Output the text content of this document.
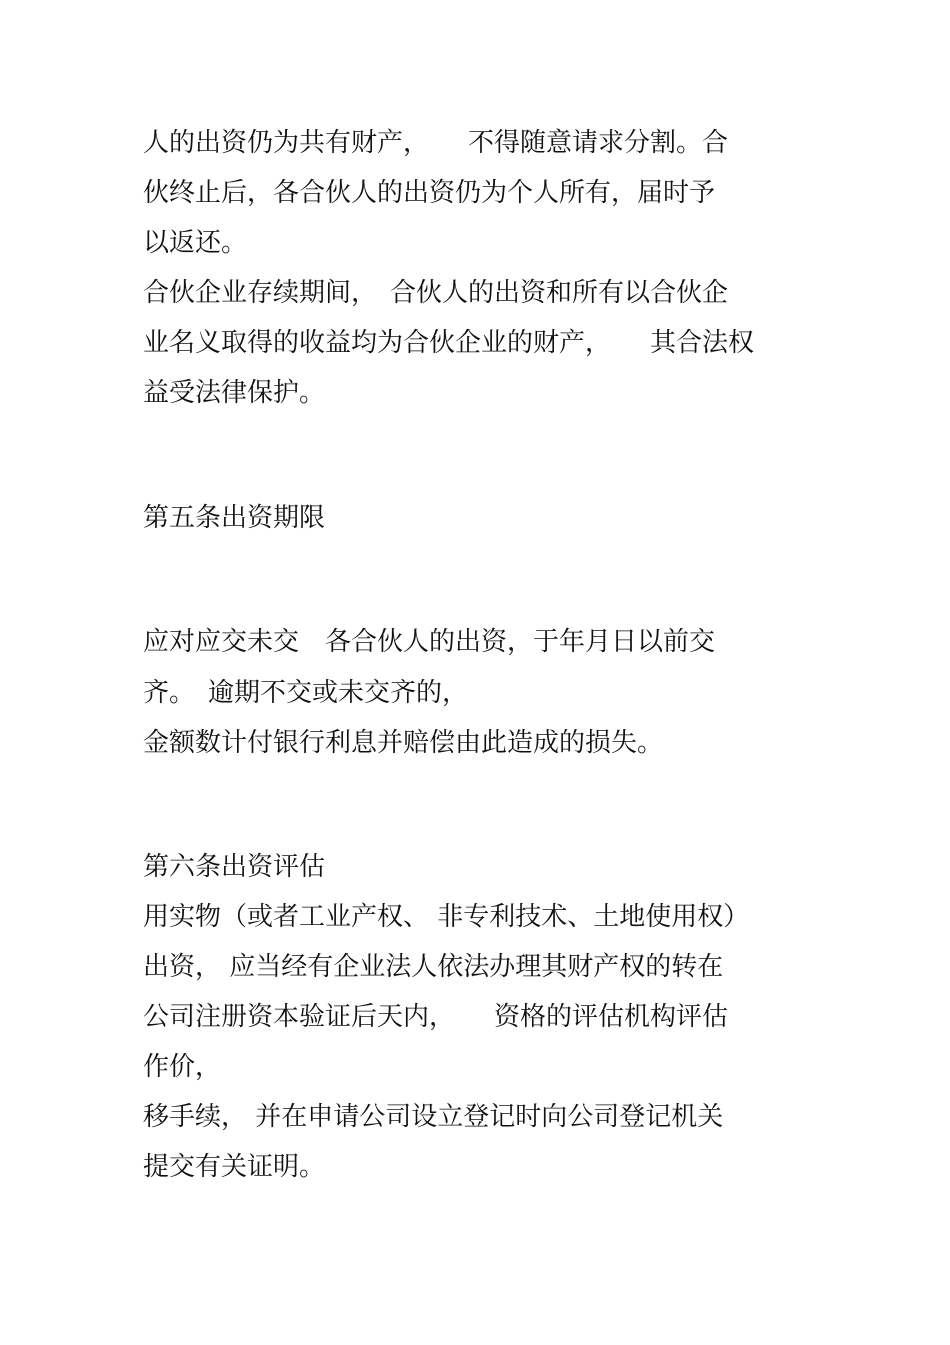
人的出资仍为共有财产，　　不得随意请求分割。合
伙终止后，各合伙人的出资仍为个人所有，届时予
以返还。
合伙企业存续期间，　合伙人的出资和所有以合伙企
业名义取得的收益均为合伙企业的财产，　　其合法权
益受法律保护。
第五条出资期限
应对应交未交　各合伙人的出资，于年月日以前交
齐。　逾期不交或未交齐的，
金额数计付银行利息并赔偿由此造成的损失。
第六条出资评估
用实物（或者工业产权、 非专利技术、土地使用权）
出资， 应当经有企业法人依法办理其财产权的转在
公司注册资本验证后天内，　　资格的评估机构评估
作价，
移手续， 并在申请公司设立登记时向公司登记机关
提交有关证明。
